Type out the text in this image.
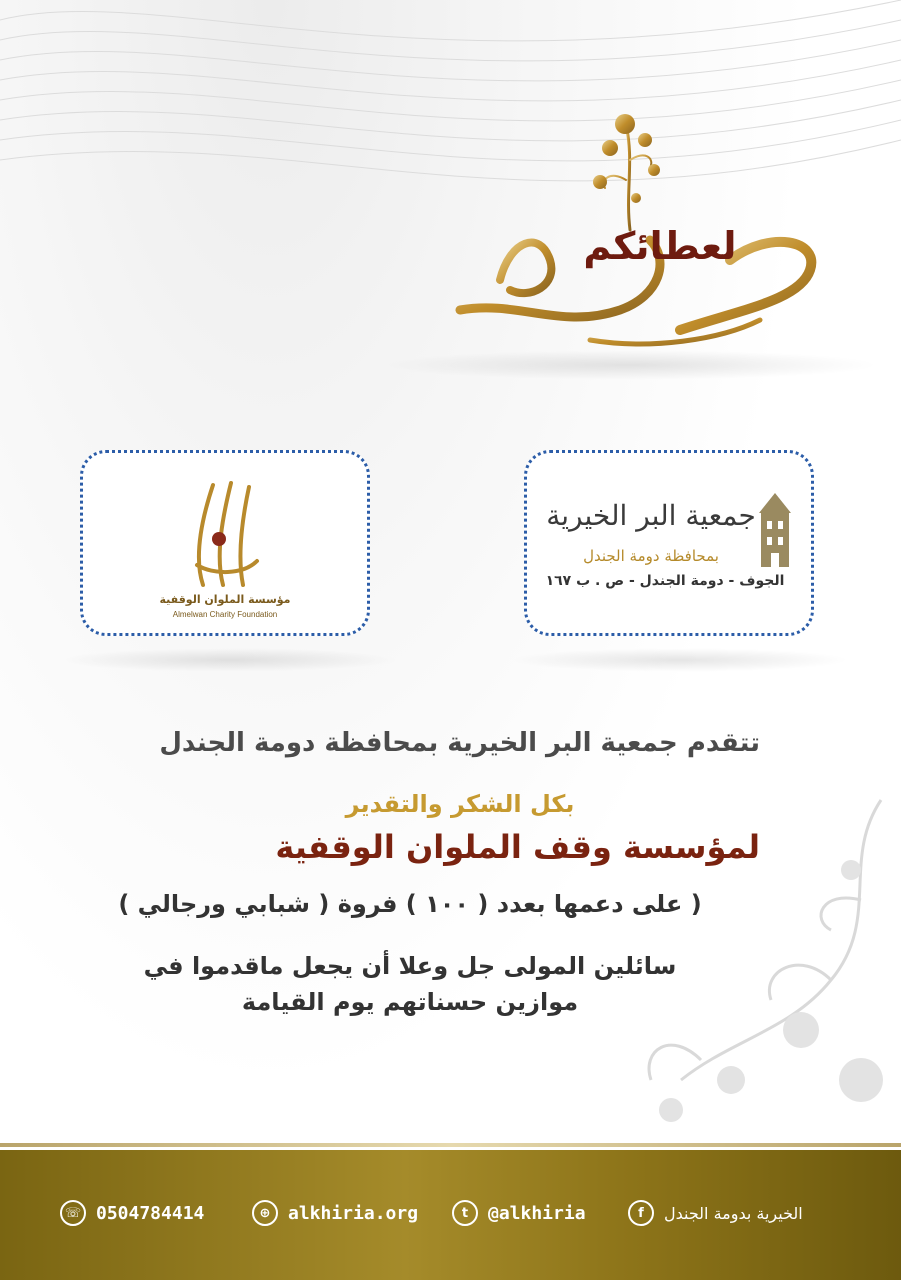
لعطائكم
مؤسسة الملوان الوقفية
Almelwan Charity Foundation
جمعية البر الخيرية
بمحافظة دومة الجندل
الجوف - دومة الجندل - ص . ب ١٦٧
تتقدم جمعية البر الخيرية بمحافظة دومة الجندل
بكل الشكر والتقدير
لمؤسسة وقف الملوان الوقفية
( على دعمها بعدد ( ١٠٠ ) فروة ( شبابي ورجالي )
سائلين المولى جل وعلا أن يجعل ماقدموا في
موازين حسناتهم يوم القيامة
☏ 0504784414	⊕ alkhiria.org	t	@alkhiria	f	الخيرية بدومة الجندل
